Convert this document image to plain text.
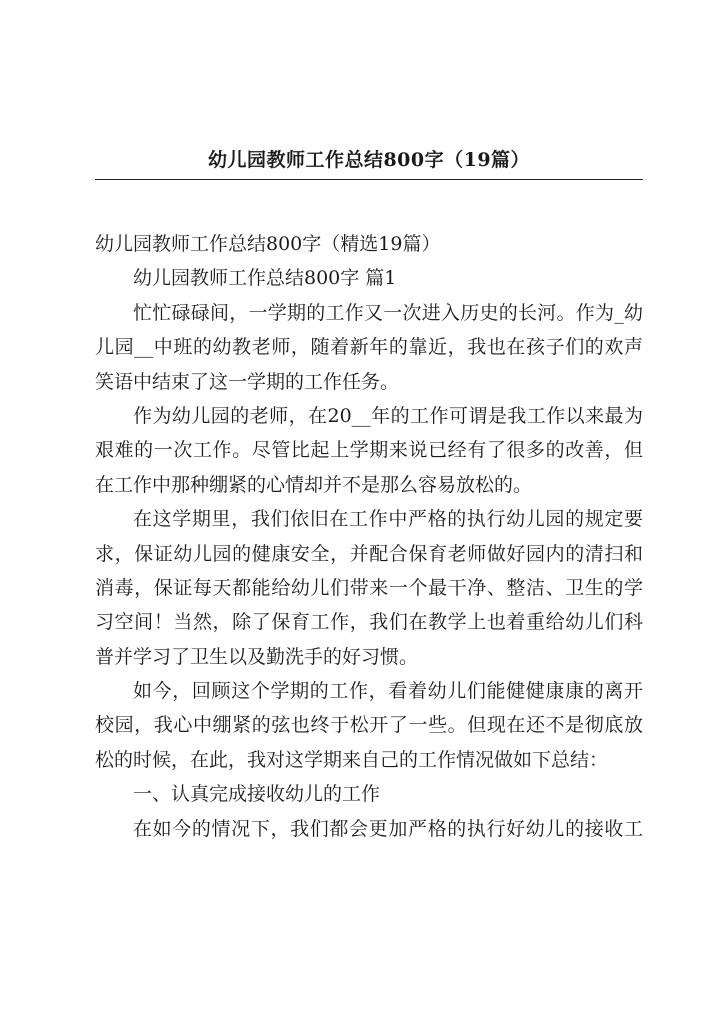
幼儿园教师工作总结800字（19篇）
幼儿园教师工作总结800字（精选19篇）
幼儿园教师工作总结800字 篇1
忙忙碌碌间，一学期的工作又一次进入历史的长河。作为_幼
儿园__中班的幼教老师，随着新年的靠近，我也在孩子们的欢声
笑语中结束了这一学期的工作任务。
作为幼儿园的老师，在20__年的工作可谓是我工作以来最为
艰难的一次工作。尽管比起上学期来说已经有了很多的改善，但
在工作中那种绷紧的心情却并不是那么容易放松的。
在这学期里，我们依旧在工作中严格的执行幼儿园的规定要
求，保证幼儿园的健康安全，并配合保育老师做好园内的清扫和
消毒，保证每天都能给幼儿们带来一个最干净、整洁、卫生的学
习空间！当然，除了保育工作，我们在教学上也着重给幼儿们科
普并学习了卫生以及勤洗手的好习惯。
如今，回顾这个学期的工作，看着幼儿们能健健康康的离开
校园，我心中绷紧的弦也终于松开了一些。但现在还不是彻底放
松的时候，在此，我对这学期来自己的工作情况做如下总结：
一、认真完成接收幼儿的工作
在如今的情况下，我们都会更加严格的执行好幼儿的接收工
